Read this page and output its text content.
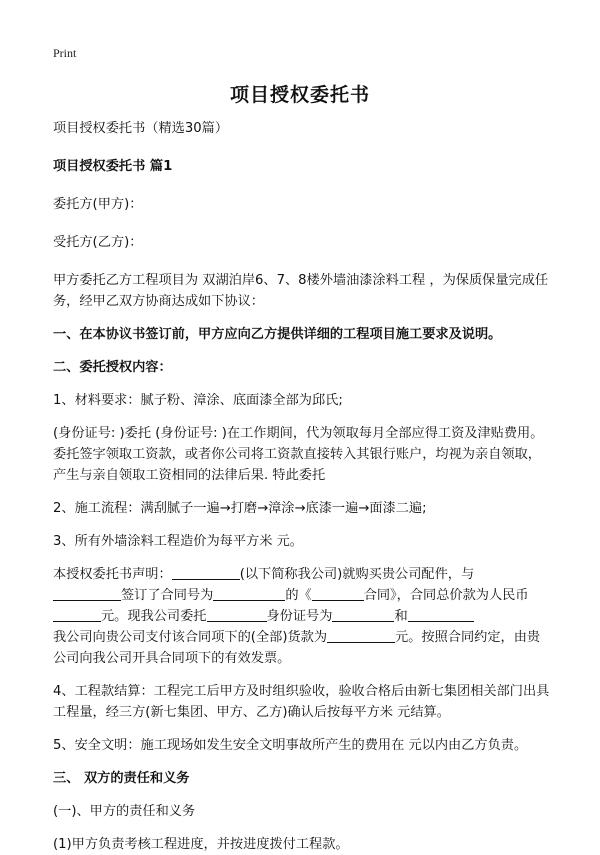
Print
项目授权委托书

项目授权委托书（精选30篇）

项目授权委托书 篇1

委托方(甲方)：

受托方(乙方)：

甲方委托乙方工程项目为 双湖泊岸6、7、8楼外墙油漆涂料工程 ，为保质保量完成任务，经甲乙双方协商达成如下协议：

一、在本协议书签订前，甲方应向乙方提供详细的工程项目施工要求及说明。

二、委托授权内容：

1、材料要求：腻子粉、漳涂、底面漆全部为邱氏;

(身份证号: )委托 (身份证号: )在工作期间，代为领取每月全部应得工资及津贴费用。委托签字领取工资款，或者你公司将工资款直接转入其银行账户，均视为亲自领取，产生与亲自领取工资相同的法律后果. 特此委托

2、施工流程：满刮腻子一遍→打磨→漳涂→底漆一遍→面漆二遍;

3、所有外墙涂料工程造价为每平方米 元。

本授权委托书声明：	(以下简称我公司)就购买贵公司配件，与
签订了合同号为	的《	合同》，合同总价款为人民币 元。现我公司委托	身份证号为	和
我公司向贵公司支付该合同项下的(全部)货款为	元。按照合同约定，由贵公司向我公司开具合同项下的有效发票。

4、工程款结算：工程完工后甲方及时组织验收，验收合格后由新七集团相关部门出具工程量，经三方(新七集团、甲方、乙方)确认后按每平方米 元结算。

5、安全文明：施工现场如发生安全文明事故所产生的费用在 元以内由乙方负责。

三、 双方的责任和义务

(一)、甲方的责任和义务

(1)甲方负责考核工程进度，并按进度拨付工程款。
